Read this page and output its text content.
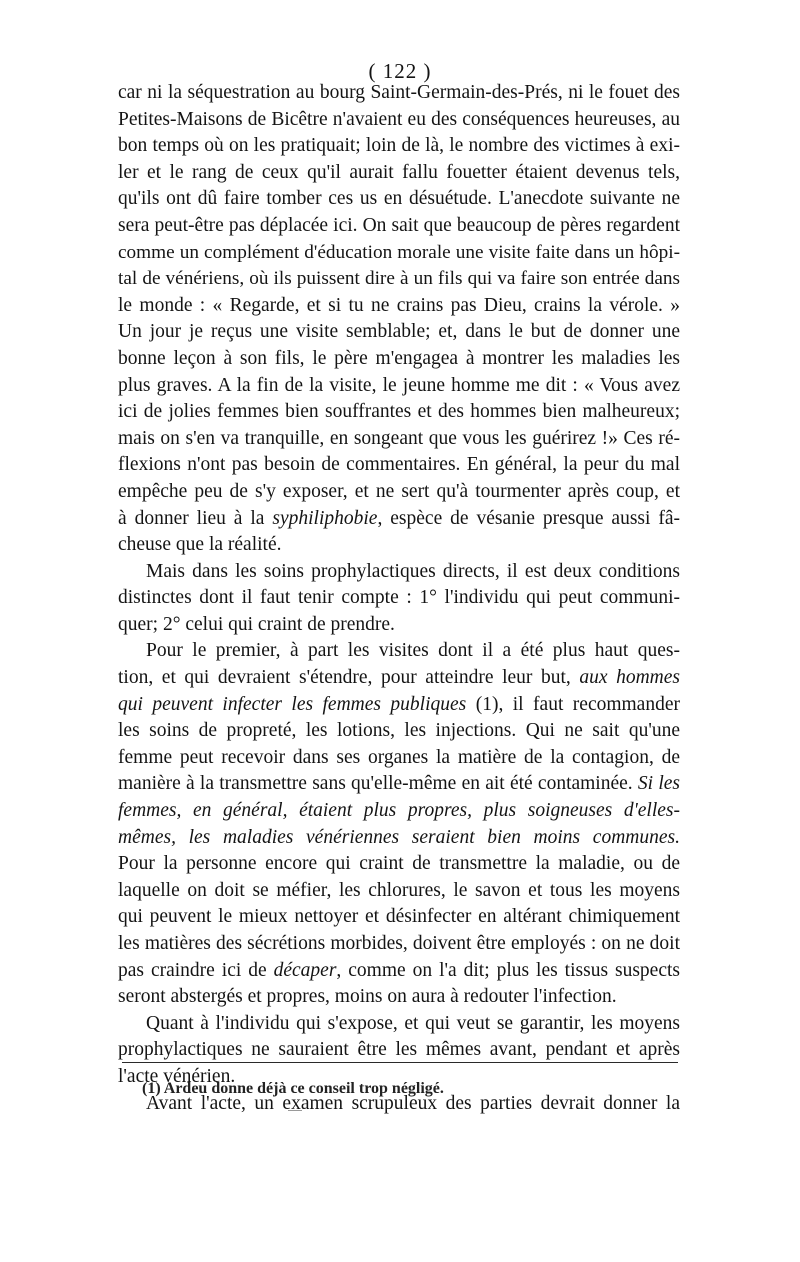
( 122 )
car ni la séquestration au bourg Saint-Germain-des-Prés, ni le fouet des
Petites-Maisons de Bicêtre n'avaient eu des conséquences heureuses, au
bon temps où on les pratiquait; loin de là, le nombre des victimes à exi-
ler et le rang de ceux qu'il aurait fallu fouetter étaient devenus tels,
qu'ils ont dû faire tomber ces us en désuétude. L'anecdote suivante ne
sera peut-être pas déplacée ici. On sait que beaucoup de pères regardent
comme un complément d'éducation morale une visite faite dans un hôpi-
tal de vénériens, où ils puissent dire à un fils qui va faire son entrée dans
le monde : « Regarde, et si tu ne crains pas Dieu, crains la vérole. »
Un jour je reçus une visite semblable; et, dans le but de donner une
bonne leçon à son fils, le père m'engagea à montrer les maladies les
plus graves. A la fin de la visite, le jeune homme me dit : « Vous avez
ici de jolies femmes bien souffrantes et des hommes bien malheureux;
mais on s'en va tranquille, en songeant que vous les guérirez !» Ces ré-
flexions n'ont pas besoin de commentaires. En général, la peur du mal
empêche peu de s'y exposer, et ne sert qu'à tourmenter après coup, et
à donner lieu à la syphiliphobie, espèce de vésanie presque aussi fâ-
cheuse que la réalité.
Mais dans les soins prophylactiques directs, il est deux conditions
distinctes dont il faut tenir compte : 1° l'individu qui peut communi-
quer; 2° celui qui craint de prendre.
Pour le premier, à part les visites dont il a été plus haut ques-
tion, et qui devraient s'étendre, pour atteindre leur but, aux hommes
qui peuvent infecter les femmes publiques (1), il faut recommander
les soins de propreté, les lotions, les injections. Qui ne sait qu'une
femme peut recevoir dans ses organes la matière de la contagion, de
manière à la transmettre sans qu'elle-même en ait été contaminée. Si les
femmes, en général, étaient plus propres, plus soigneuses d'elles-
mêmes, les maladies vénériennes seraient bien moins communes.
Pour la personne encore qui craint de transmettre la maladie, ou de
laquelle on doit se méfier, les chlorures, le savon et tous les moyens
qui peuvent le mieux nettoyer et désinfecter en altérant chimiquement
les matières des sécrétions morbides, doivent être employés : on ne doit
pas craindre ici de décaper, comme on l'a dit; plus les tissus suspects
seront abstergés et propres, moins on aura à redouter l'infection.
Quant à l'individu qui s'expose, et qui veut se garantir, les moyens
prophylactiques ne sauraient être les mêmes avant, pendant et après
l'acte vénérien.
Avant l'acte, un examen scrupuleux des parties devrait donner la
(1) Ardeu donne déjà ce conseil trop négligé.
